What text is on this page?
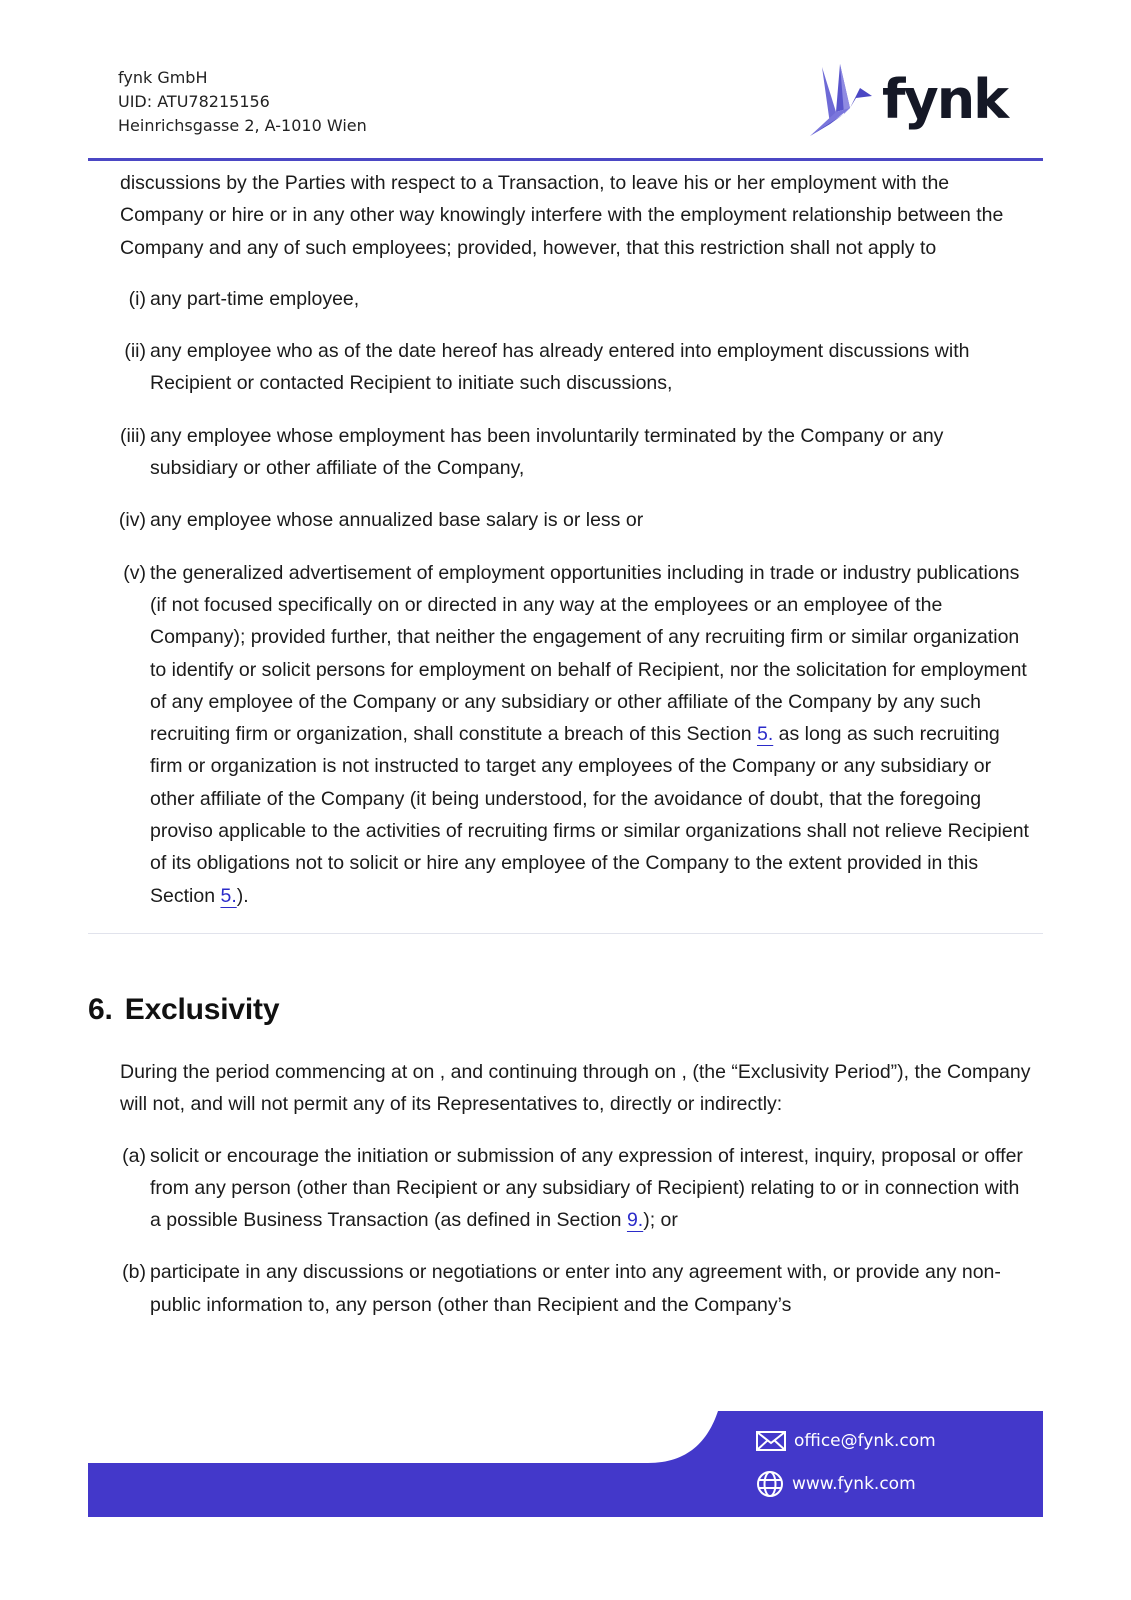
fynk GmbH
UID: ATU78215156
Heinrichsgasse 2, A-1010 Wien	fynk

discussions by the Parties with respect to a Transaction, to leave his or her employment with the Company or hire or in any other way knowingly interfere with the employment relationship between the Company and any of such employees; provided, however, that this restriction shall not apply to

(i) any part-time employee,
(ii) any employee who as of the date hereof has already entered into employment discussions with Recipient or contacted Recipient to initiate such discussions,
(iii) any employee whose employment has been involuntarily terminated by the Company or any subsidiary or other affiliate of the Company,
(iv) any employee whose annualized base salary is or less or
(v) the generalized advertisement of employment opportunities including in trade or industry publications (if not focused specifically on or directed in any way at the employees or an employee of the Company); provided further, that neither the engagement of any recruiting firm or similar organization to identify or solicit persons for employment on behalf of Recipient, nor the solicitation for employment of any employee of the Company or any subsidiary or other affiliate of the Company by any such recruiting firm or organization, shall constitute a breach of this Section 5. as long as such recruiting firm or organization is not instructed to target any employees of the Company or any subsidiary or other affiliate of the Company (it being understood, for the avoidance of doubt, that the foregoing proviso applicable to the activities of recruiting firms or similar organizations shall not relieve Recipient of its obligations not to solicit or hire any employee of the Company to the extent provided in this Section 5.).
6. Exclusivity

During the period commencing at on , and continuing through on , (the “Exclusivity Period”), the Company will not, and will not permit any of its Representatives to, directly or indirectly:

(a) solicit or encourage the initiation or submission of any expression of interest, inquiry, proposal or offer from any person (other than Recipient or any subsidiary of Recipient) relating to or in connection with a possible Business Transaction (as defined in Section 9.); or
(b) participate in any discussions or negotiations or enter into any agreement with, or provide any non-public information to, any person (other than Recipient and the Company’s
office@fynk.com
www.fynk.com
